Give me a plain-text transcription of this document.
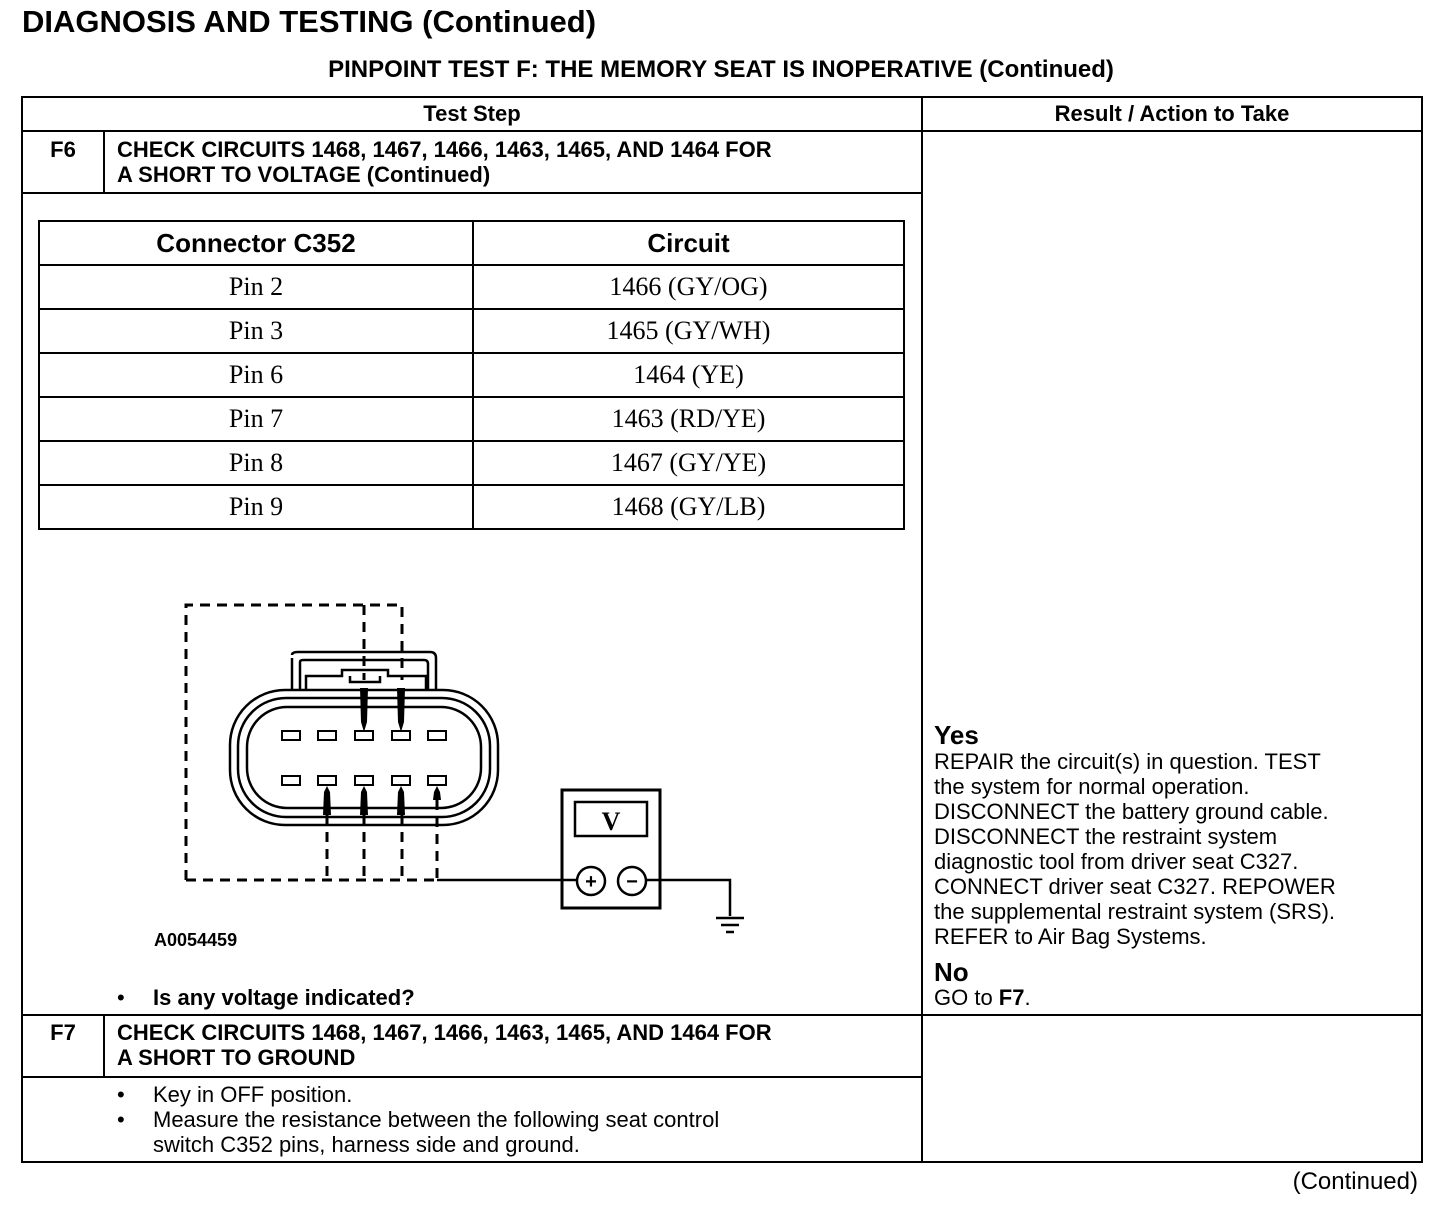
DIAGNOSIS AND TESTING (Continued)
PINPOINT TEST F: THE MEMORY SEAT IS INOPERATIVE (Continued)
Test Step	Result / Action to Take
F6	CHECK CIRCUITS 1468, 1467, 1466, 1463, 1465, AND 1464 FOR
A SHORT TO VOLTAGE (Continued)
Connector C352	Circuit
Pin 2	1466 (GY/OG)
Pin 3	1465 (GY/WH)
Pin 6	1464 (YE)
Pin 7	1463 (RD/YE)
Pin 8	1467 (GY/YE)
Pin 9	1468 (GY/LB)
V
+ −
A0054459
• Is any voltage indicated?
Yes
REPAIR the circuit(s) in question. TEST
the system for normal operation.
DISCONNECT the battery ground cable.
DISCONNECT the restraint system
diagnostic tool from driver seat C327.
CONNECT driver seat C327. REPOWER
the supplemental restraint system (SRS).
REFER to Air Bag Systems.
No
GO to F7.
F7	CHECK CIRCUITS 1468, 1467, 1466, 1463, 1465, AND 1464 FOR
A SHORT TO GROUND
• Key in OFF position.
• Measure the resistance between the following seat control
switch C352 pins, harness side and ground.
(Continued)
